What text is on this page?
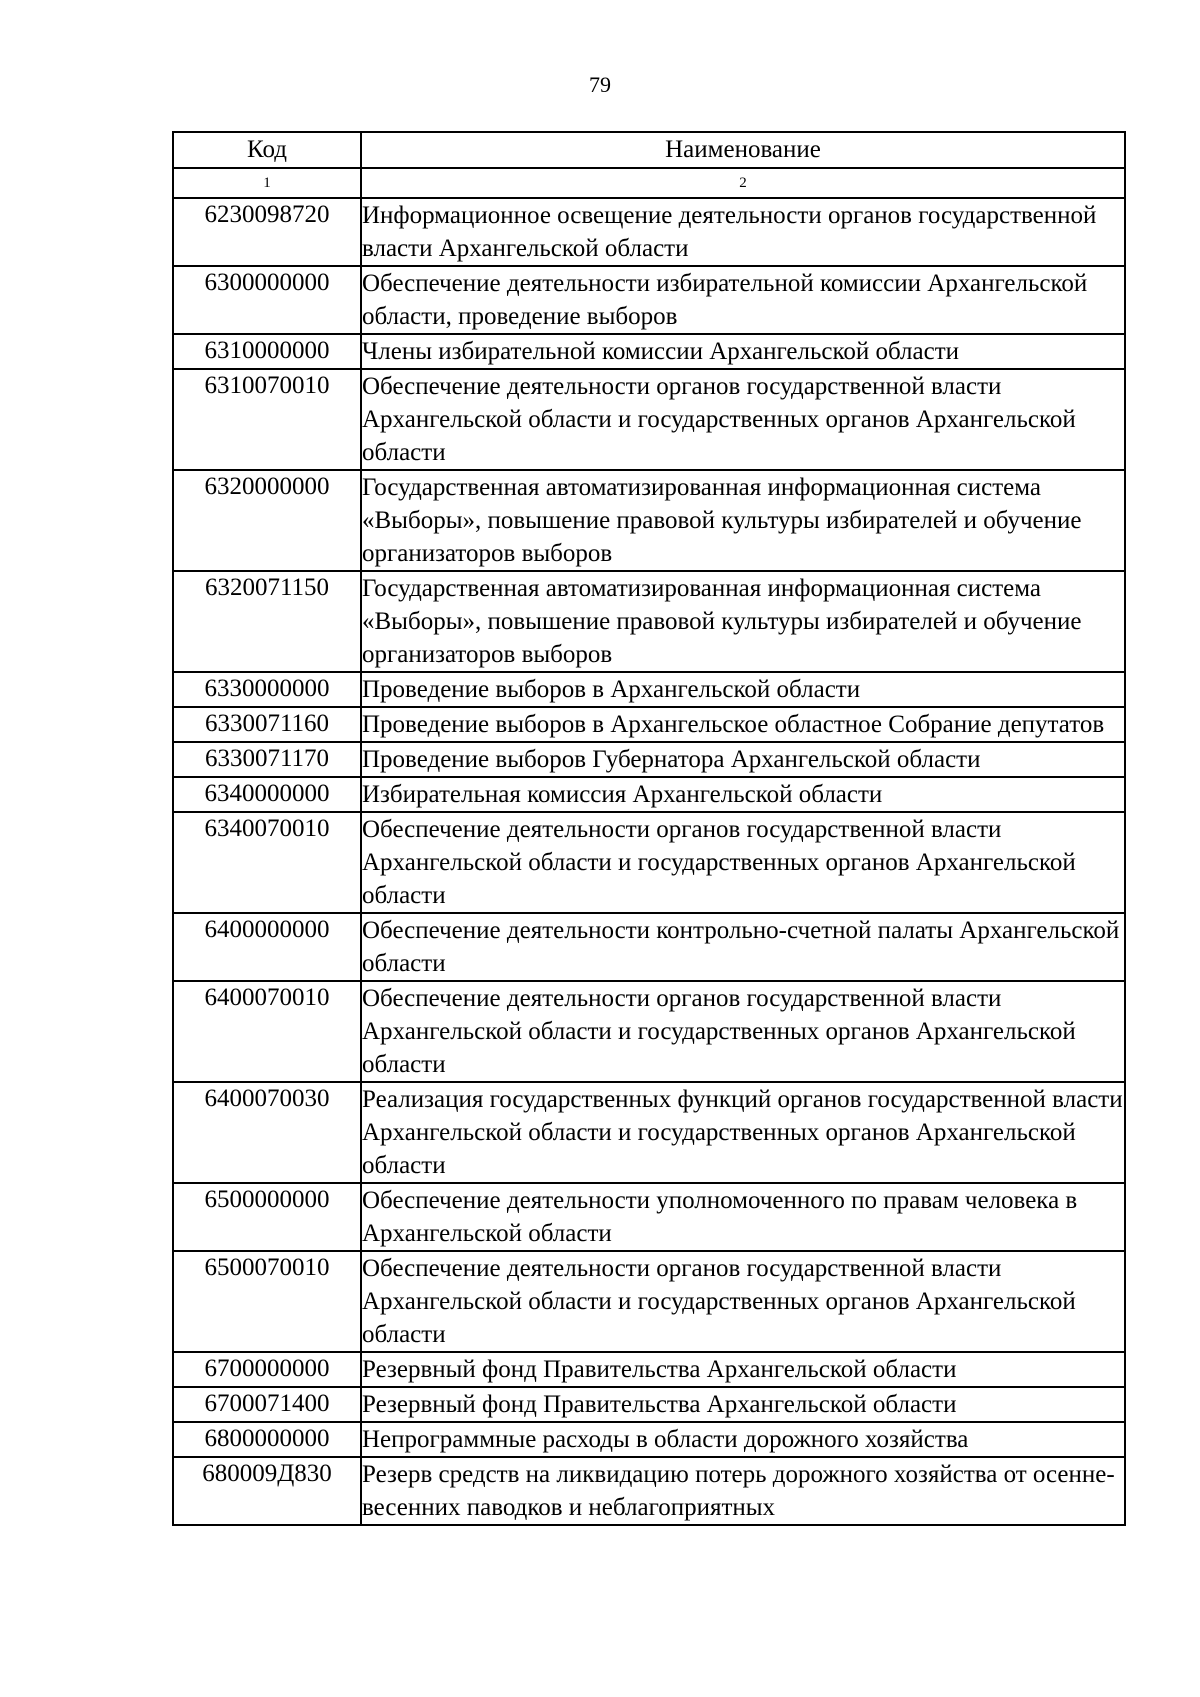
79
Код	Наименование
1	2
6230098720	Информационное освещение деятельности органов государственной власти Архангельской области
6300000000	Обеспечение деятельности избирательной комиссии Архангельской области, проведение выборов
6310000000	Члены избирательной комиссии Архангельской области
6310070010	Обеспечение деятельности органов государственной власти Архангельской области и государственных органов Архангельской области
6320000000	Государственная автоматизированная информационная система «Выборы», повышение правовой культуры избирателей и обучение организаторов выборов
6320071150	Государственная автоматизированная информационная система «Выборы», повышение правовой культуры избирателей и обучение организаторов выборов
6330000000	Проведение выборов в Архангельской области
6330071160	Проведение выборов в Архангельское областное Собрание депутатов
6330071170	Проведение выборов Губернатора Архангельской области
6340000000	Избирательная комиссия Архангельской области
6340070010	Обеспечение деятельности органов государственной власти Архангельской области и государственных органов Архангельской области
6400000000	Обеспечение деятельности контрольно-счетной палаты Архангельской области
6400070010	Обеспечение деятельности органов государственной власти Архангельской области и государственных органов Архангельской области
6400070030	Реализация государственных функций органов государственной власти Архангельской области и государственных органов Архангельской области
6500000000	Обеспечение деятельности уполномоченного по правам человека в Архангельской области
6500070010	Обеспечение деятельности органов государственной власти Архангельской области и государственных органов Архангельской области
6700000000	Резервный фонд Правительства Архангельской области
6700071400	Резервный фонд Правительства Архангельской области
6800000000	Непрограммные расходы в области дорожного хозяйства
680009Д830	Резерв средств на ликвидацию потерь дорожного хозяйства от осенне-весенних паводков и неблагоприятных
